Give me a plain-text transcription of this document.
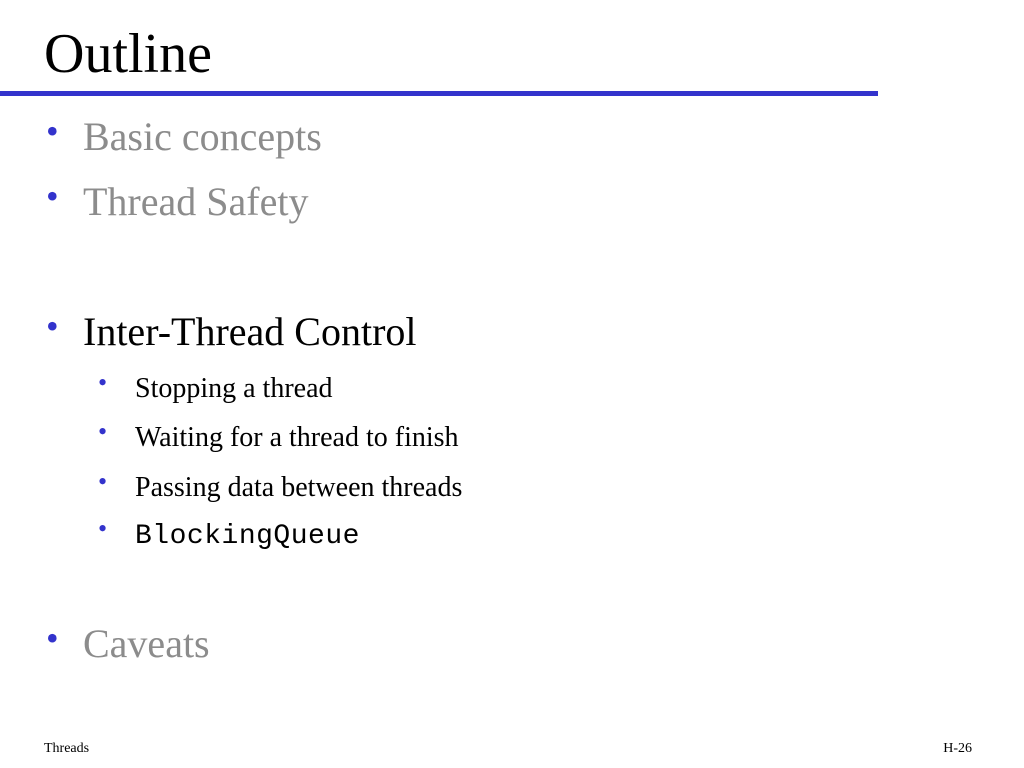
Outline
• Basic concepts
• Thread Safety
• Inter-Thread Control
• Stopping a thread
• Waiting for a thread to finish
• Passing data between threads
• BlockingQueue
• Caveats
Threads	H-26
